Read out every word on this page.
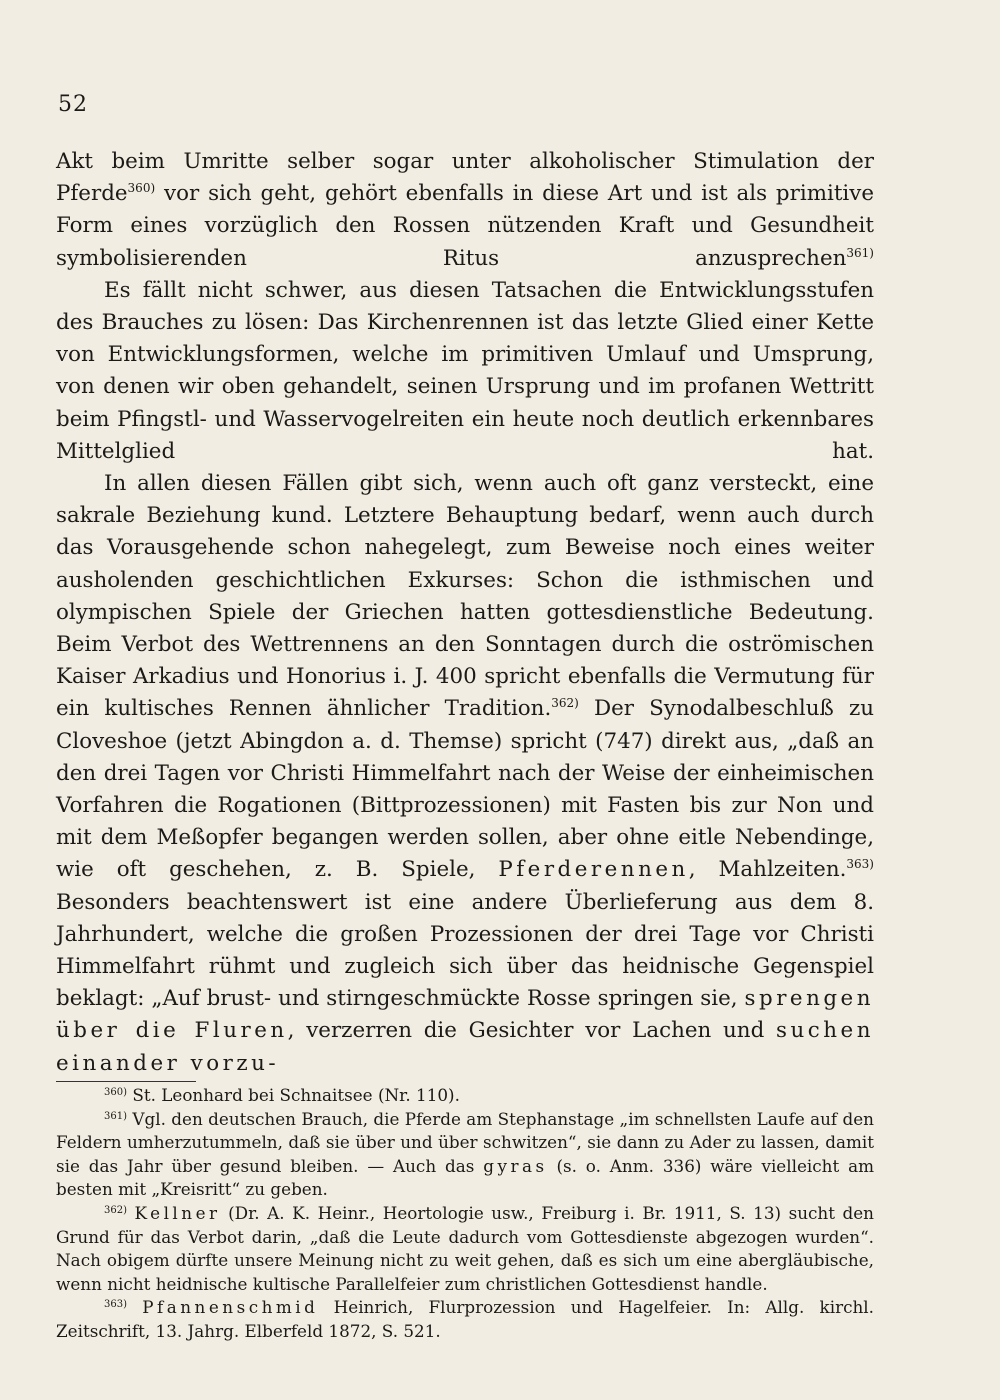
52

Akt beim Umritte selber sogar unter alkoholischer Stimulation der Pferde$^{360)}$ vor sich geht, gehört ebenfalls in diese Art und ist als primitive Form eines vorzüglich den Rossen nützenden Kraft und Gesundheit symbolisierenden Ritus anzusprechen$^{361)}$

Es fällt nicht schwer, aus diesen Tatsachen die Entwicklungsstufen des Brauches zu lösen: Das Kirchenrennen ist das letzte Glied einer Kette von Entwicklungsformen, welche im primitiven Umlauf und Umsprung, von denen wir oben gehandelt, seinen Ursprung und im profanen Wettritt beim Pfingstl- und Wasservogelreiten ein heute noch deutlich erkennbares Mittelglied hat.

In allen diesen Fällen gibt sich, wenn auch oft ganz versteckt, eine sakrale Beziehung kund. Letztere Behauptung bedarf, wenn auch durch das Vorausgehende schon nahegelegt, zum Beweise noch eines weiter ausholenden geschichtlichen Exkurses: Schon die isthmischen und olympischen Spiele der Griechen hatten gottesdienstliche Bedeutung. Beim Verbot des Wettrennens an den Sonntagen durch die oströmischen Kaiser Arkadius und Honorius i. J. 400 spricht ebenfalls die Vermutung für ein kultisches Rennen ähnlicher Tradition.$^{362)}$ Der Synodalbeschluß zu Cloveshoe (jetzt Abingdon a. d. Themse) spricht (747) direkt aus, „daß an den drei Tagen vor Christi Himmelfahrt nach der Weise der einheimischen Vorfahren die Rogationen (Bittprozessionen) mit Fasten bis zur Non und mit dem Meßopfer begangen werden sollen, aber ohne eitle Nebendinge, wie oft geschehen, z. B. Spiele, Pferderennen, Mahlzeiten.$^{363)}$ Besonders beachtenswert ist eine andere Überlieferung aus dem 8. Jahrhundert, welche die großen Prozessionen der drei Tage vor Christi Himmelfahrt rühmt und zugleich sich über das heidnische Gegenspiel beklagt: „Auf brust- und stirngeschmückte Rosse springen sie, sprengen über die Fluren, verzerren die Gesichter vor Lachen und suchen einander vorzu-

$^{360)}$ St. Leonhard bei Schnaitsee (Nr. 110).

$^{361)}$ Vgl. den deutschen Brauch, die Pferde am Stephanstage „im schnellsten Laufe auf den Feldern umherzutummeln, daß sie über und über schwitzen“, sie dann zu Ader zu lassen, damit sie das Jahr über gesund bleiben. — Auch das gyras (s. o. Anm. 336) wäre vielleicht am besten mit „Kreisritt“ zu geben.

$^{362)}$ Kellner (Dr. A. K. Heinr., Heortologie usw., Freiburg i. Br. 1911, S. 13) sucht den Grund für das Verbot darin, „daß die Leute dadurch vom Gottesdienste abgezogen wurden“. Nach obigem dürfte unsere Meinung nicht zu weit gehen, daß es sich um eine abergläubische, wenn nicht heidnische kultische Parallelfeier zum christlichen Gottesdienst handle.

$^{363)}$ Pfannenschmid Heinrich, Flurprozession und Hagelfeier. In: Allg. kirchl. Zeitschrift, 13. Jahrg. Elberfeld 1872, S. 521.
